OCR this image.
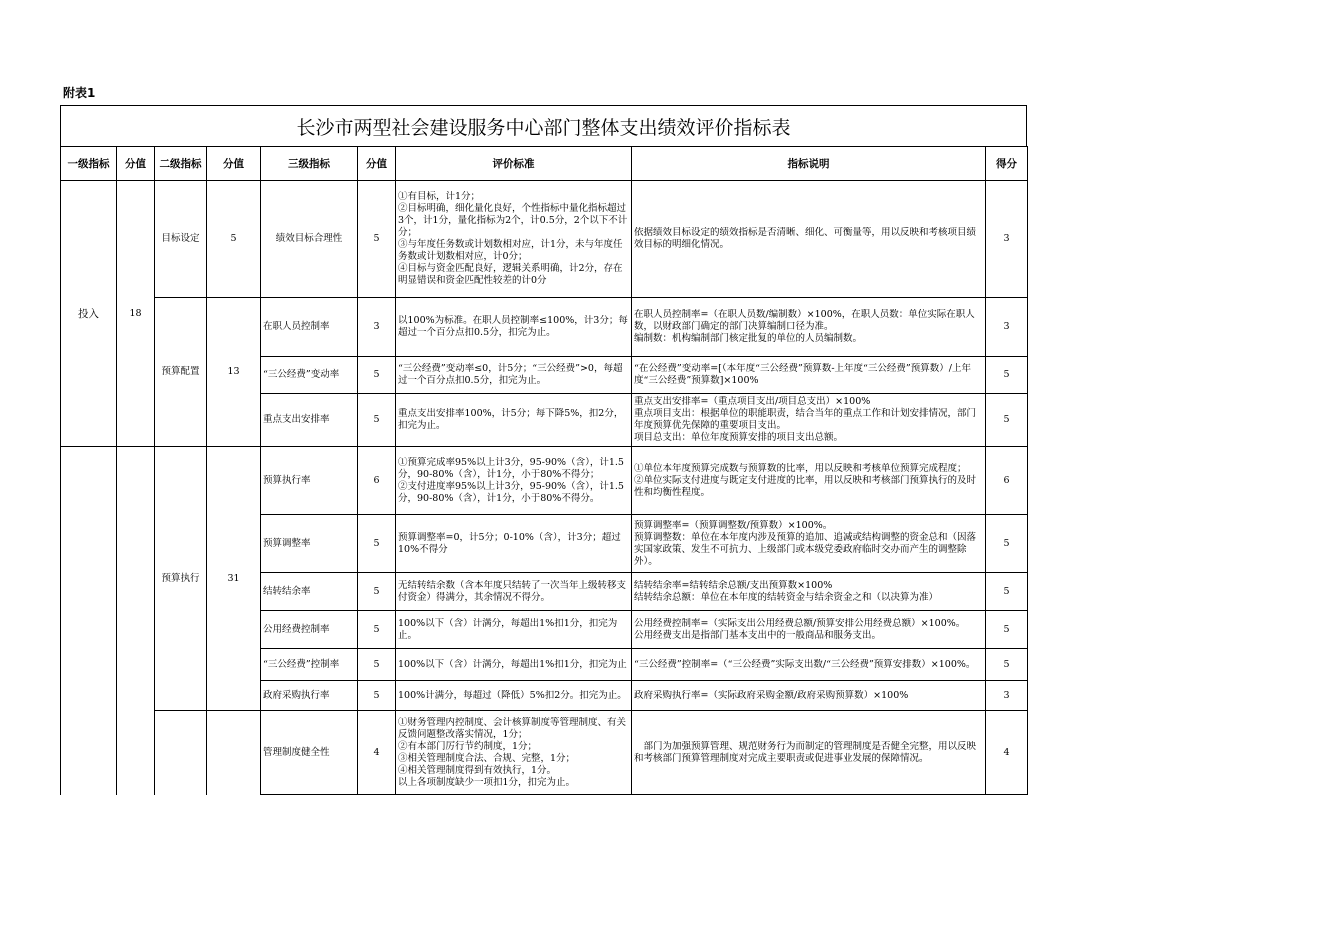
附表1
长沙市两型社会建设服务中心部门整体支出绩效评价指标表
一级指标	分值	二级指标	分值	三级指标	分值	评价标准	指标说明	得分
投入	18	目标设定	5	绩效目标合理性	5	①有目标，计1分；
②目标明确，细化量化良好，个性指标中量化指标超过3个，计1分，量化指标为2个，计0.5分，2个以下不计分；
③与年度任务数或计划数相对应，计1分，未与年度任务数或计划数相对应，计0分；
④目标与资金匹配良好，逻辑关系明确，计2分，存在明显错误和资金匹配性较差的计0分	依据绩效目标设定的绩效指标是否清晰、细化、可衡量等，用以反映和考核项目绩效目标的明细化情况。	3
		预算配置	13	在职人员控制率	3	以100%为标准。在职人员控制率≤100%，计3分；每超过一个百分点扣0.5分，扣完为止。	在职人员控制率=（在职人员数/编制数）×100%，在职人员数：单位实际在职人数，以财政部门确定的部门决算编制口径为准。
编制数：机构编制部门核定批复的单位的人员编制数。	3
				“三公经费”变动率	5	“三公经费”变动率≤0，计5分；“三公经费”>0，每超过一个百分点扣0.5分，扣完为止。	“在公经费”变动率=[（本年度“三公经费”预算数-上年度“三公经费”预算数）/上年度“三公经费”预算数]×100%	5
				重点支出安排率	5	重点支出安排率100%，计5分；每下降5%，扣2分，扣完为止。	重点支出安排率=（重点项目支出/项目总支出）×100%
重点项目支出：根据单位的职能职责，结合当年的重点工作和计划安排情况，部门年度预算优先保障的重要项目支出。
项目总支出：单位年度预算安排的项目支出总额。	5
		预算执行	31	预算执行率	6	①预算完成率95%以上计3分，95-90%（含），计1.5分，90-80%（含），计1分，小于80%不得分；
②支付进度率95%以上计3分，95-90%（含），计1.5分，90-80%（含），计1分，小于80%不得分。	①单位本年度预算完成数与预算数的比率，用以反映和考核单位预算完成程度；
②单位实际支付进度与既定支付进度的比率，用以反映和考核部门预算执行的及时性和均衡性程度。	6
				预算调整率	5	预算调整率=0，计5分；0-10%（含），计3分；超过10%不得分	预算调整率=（预算调整数/预算数）×100%。
预算调整数：单位在本年度内涉及预算的追加、追减或结构调整的资金总和（因落实国家政策、发生不可抗力、上级部门或本级党委政府临时交办而产生的调整除外）。	5
				结转结余率	5	无结转结余数（含本年度只结转了一次当年上级转移支付资金）得满分，其余情况不得分。	结转结余率=结转结余总额/支出预算数×100%
结转结余总额：单位在本年度的结转资金与结余资金之和（以决算为准）	5
				公用经费控制率	5	100%以下（含）计满分，每超出1%扣1分，扣完为止。	公用经费控制率=（实际支出公用经费总额/预算安排公用经费总额）×100%。
公用经费支出是指部门基本支出中的一般商品和服务支出。	5
				“三公经费”控制率	5	100%以下（含）计满分，每超出1%扣1分，扣完为止	“三公经费”控制率=（“三公经费”实际支出数/“三公经费”预算安排数）×100%。	5
				政府采购执行率	5	100%计满分，每超过（降低）5%扣2分。扣完为止。	政府采购执行率=（实际政府采购金额/政府采购预算数）×100%	3
				管理制度健全性	4	①财务管理内控制度、会计核算制度等管理制度、有关反馈问题整改落实情况，1分；
②有本部门厉行节约制度，1分；
③相关管理制度合法、合规、完整，1分；
④相关管理制度得到有效执行，1分。
以上各项制度缺少一项扣1分，扣完为止。	　部门为加强预算管理、规范财务行为而制定的管理制度是否健全完整，用以反映和考核部门预算管理制度对完成主要职责或促进事业发展的保障情况。	4
